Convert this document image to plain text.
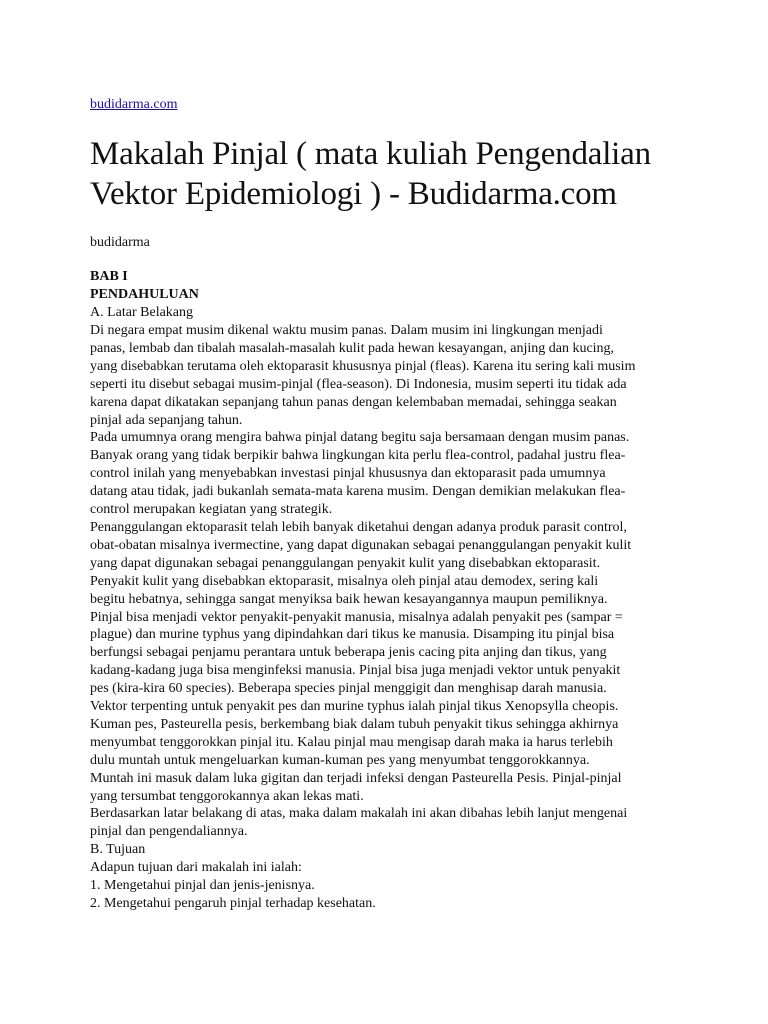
budidarma.com
Makalah Pinjal ( mata kuliah Pengendalian Vektor Epidemiologi ) - Budidarma.com
budidarma
BAB I
PENDAHULUAN
A. Latar Belakang
Di negara empat musim dikenal waktu musim panas. Dalam musim ini lingkungan menjadi
panas, lembab dan tibalah masalah-masalah kulit pada hewan kesayangan, anjing dan kucing,
yang disebabkan terutama oleh ektoparasit khususnya pinjal (fleas). Karena itu sering kali musim
seperti itu disebut sebagai musim-pinjal (flea-season). Di Indonesia, musim seperti itu tidak ada
karena dapat dikatakan sepanjang tahun panas dengan kelembaban memadai, sehingga seakan
pinjal ada sepanjang tahun.
Pada umumnya orang mengira bahwa pinjal datang begitu saja bersamaan dengan musim panas.
Banyak orang yang tidak berpikir bahwa lingkungan kita perlu flea-control, padahal justru flea-
control inilah yang menyebabkan investasi pinjal khususnya dan ektoparasit pada umumnya
datang atau tidak, jadi bukanlah semata-mata karena musim. Dengan demikian melakukan flea-
control merupakan kegiatan yang strategik.
Penanggulangan ektoparasit telah lebih banyak diketahui dengan adanya produk parasit control,
obat-obatan misalnya ivermectine, yang dapat digunakan sebagai penanggulangan penyakit kulit
yang dapat digunakan sebagai penanggulangan penyakit kulit yang disebabkan ektoparasit.
Penyakit kulit yang disebabkan ektoparasit, misalnya oleh pinjal atau demodex, sering kali
begitu hebatnya, sehingga sangat menyiksa baik hewan kesayangannya maupun pemiliknya.
Pinjal bisa menjadi vektor penyakit-penyakit manusia, misalnya adalah penyakit pes (sampar =
plague) dan murine typhus yang dipindahkan dari tikus ke manusia. Disamping itu pinjal bisa
berfungsi sebagai penjamu perantara untuk beberapa jenis cacing pita anjing dan tikus, yang
kadang-kadang juga bisa menginfeksi manusia. Pinjal bisa juga menjadi vektor untuk penyakit
pes (kira-kira 60 species). Beberapa species pinjal menggigit dan menghisap darah manusia.
Vektor terpenting untuk penyakit pes dan murine typhus ialah pinjal tikus Xenopsylla cheopis.
Kuman pes, Pasteurella pesis, berkembang biak dalam tubuh penyakit tikus sehingga akhirnya
menyumbat tenggorokkan pinjal itu. Kalau pinjal mau mengisap darah maka ia harus terlebih
dulu muntah untuk mengeluarkan kuman-kuman pes yang menyumbat tenggorokkannya.
Muntah ini masuk dalam luka gigitan dan terjadi infeksi dengan Pasteurella Pesis. Pinjal-pinjal
yang tersumbat tenggorokannya akan lekas mati.
Berdasarkan latar belakang di atas, maka dalam makalah ini akan dibahas lebih lanjut mengenai
pinjal dan pengendaliannya.
B. Tujuan
Adapun tujuan dari makalah ini ialah:
1. Mengetahui pinjal dan jenis-jenisnya.
2. Mengetahui pengaruh pinjal terhadap kesehatan.
